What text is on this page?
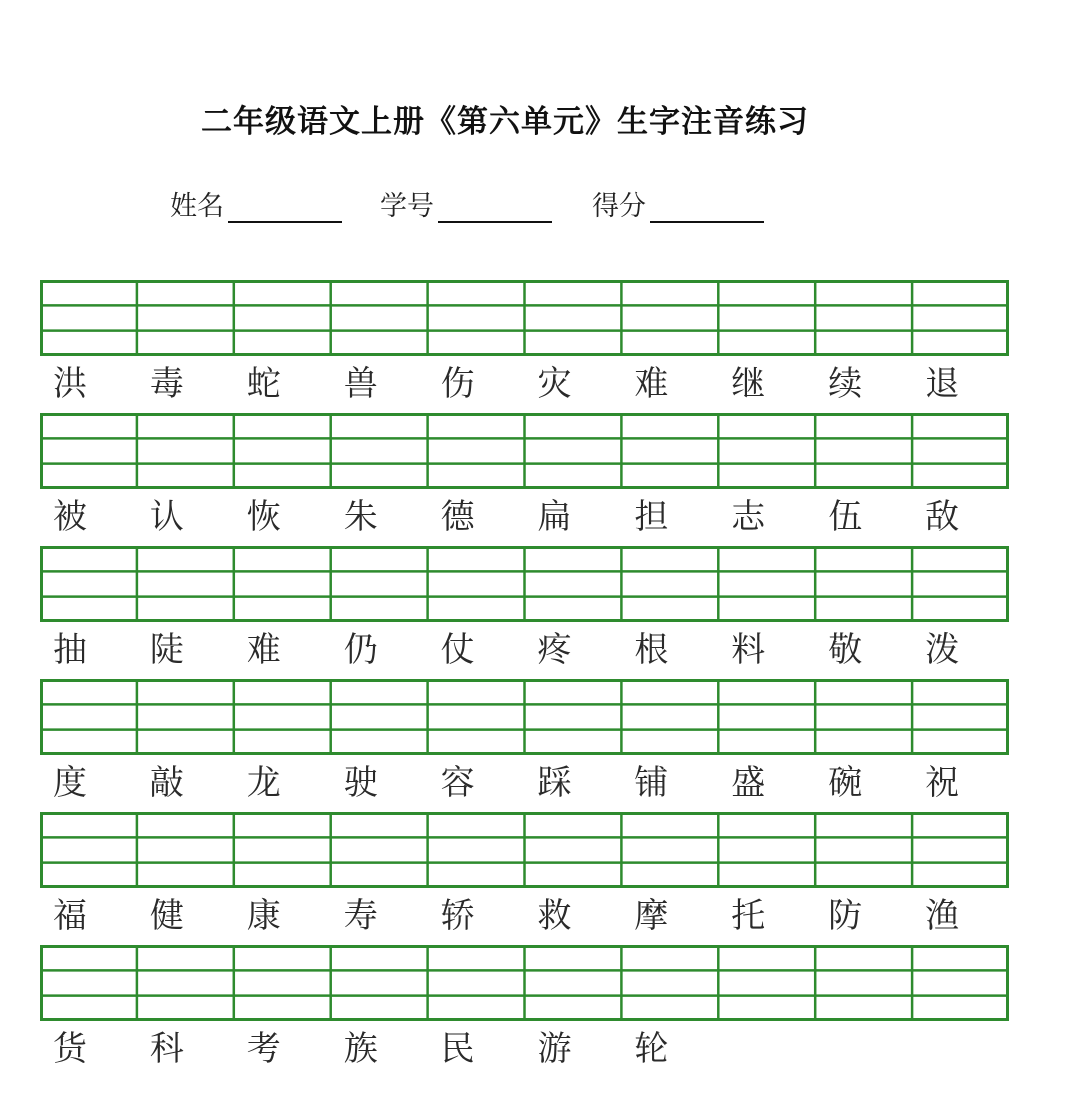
二年级语文上册《第六单元》生字注音练习
姓名	学号	得分
洪	毒	蛇	兽	伤	灾	难	继	续	退
被	认	恢	朱	德	扁	担	志	伍	敌
抽	陡	难	仍	仗	疼	根	料	敬	泼
度	敲	龙	驶	容	踩	铺	盛	碗	祝
福	健	康	寿	轿	救	摩	托	防	渔
货	科	考	族	民	游	轮
